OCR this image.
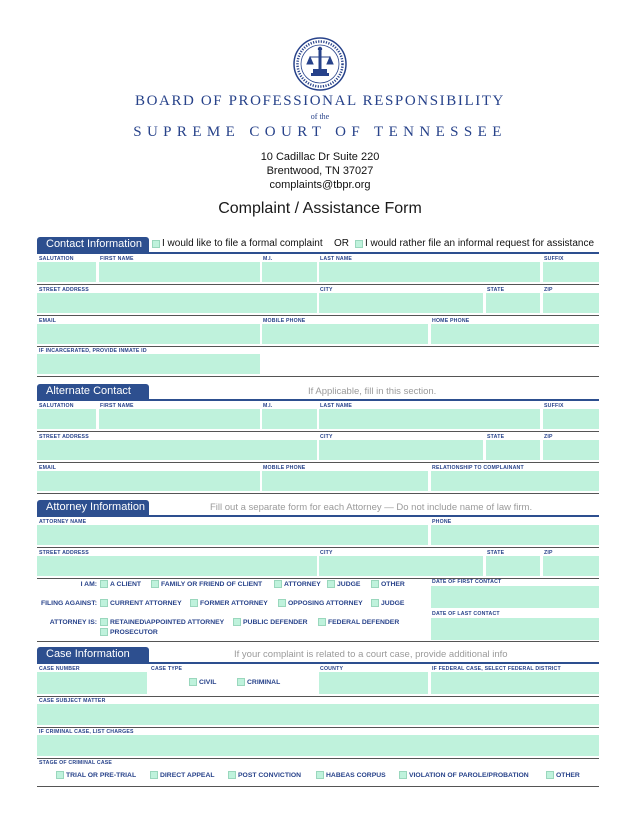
BOARD OF PROFESSIONAL RESPONSIBILITY
of the
SUPREME COURT OF TENNESSEE
10 Cadillac Dr Suite 220
Brentwood, TN 37027
complaints@tbpr.org
Complaint / Assistance Form
Contact Information	I would like to file a formal complaint OR I would rather file an informal request for assistance
SALUTATION	FIRST NAME	M.I.	LAST NAME	SUFFIX
STREET ADDRESS	CITY	STATE	ZIP
EMAIL	MOBILE PHONE	HOME PHONE
IF INCARCERATED, PROVIDE INMATE ID
Alternate Contact	If Applicable, fill in this section.
SALUTATION	FIRST NAME	M.I.	LAST NAME	SUFFIX
STREET ADDRESS	CITY	STATE	ZIP
EMAIL	MOBILE PHONE	RELATIONSHIP TO COMPLAINANT
Attorney Information	Fill out a separate form for each Attorney — Do not include name of law firm.
ATTORNEY NAME	PHONE
STREET ADDRESS	CITY	STATE	ZIP
I AM: A CLIENT	FAMILY OR FRIEND OF CLIENT	ATTORNEY JUDGE	OTHER	DATE OF FIRST CONTACT
FILING AGAINST: CURRENT ATTORNEY	FORMER ATTORNEY	OPPOSING ATTORNEY	JUDGE
DATE OF LAST CONTACT
ATTORNEY IS: RETAINED\APPOINTED ATTORNEY	PUBLIC DEFENDER	FEDERAL DEFENDER
PROSECUTOR
Case Information	If your complaint is related to a court case, provide additional info
CASE NUMBER	CASE TYPE
CIVIL	CRIMINAL
COUNTY	IF FEDERAL CASE, SELECT FEDERAL DISTRICT
CASE SUBJECT MATTER
IF CRIMINAL CASE, LIST CHARGES
STAGE OF CRIMINAL CASE
TRIAL OR PRE-TRIAL	DIRECT APPEAL	POST CONVICTION	HABEAS CORPUS	VIOLATION OF PAROLE/PROBATION	OTHER
